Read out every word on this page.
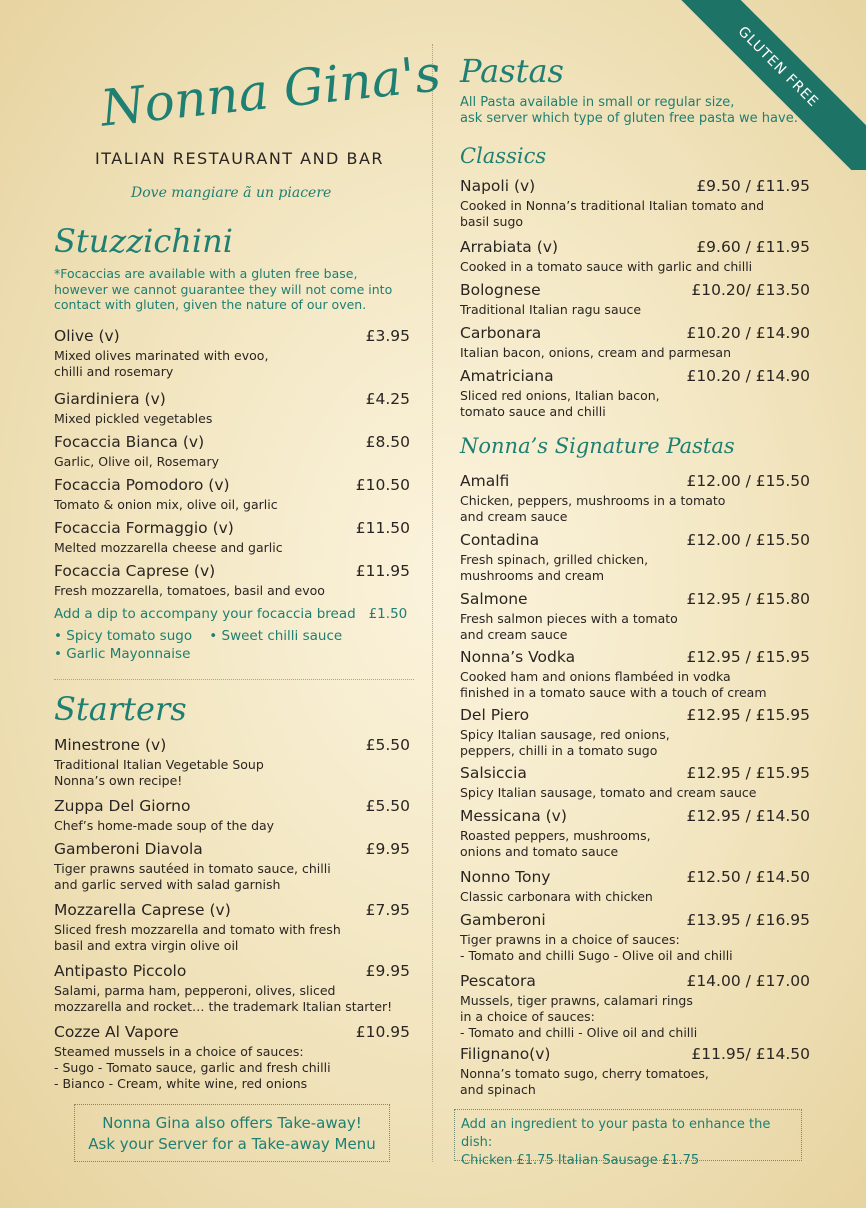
GLUTEN FREE
Nonna Gina's
ITALIAN RESTAURANT AND BAR
Dove mangiare ã un piacere
Stuzzichini
*Focaccias are available with a gluten free base, however we cannot guarantee they will not come into contact with gluten, given the nature of our oven.
Olive (v)	£3.95
Mixed olives marinated with evoo,
chilli and rosemary
Giardiniera (v)	£4.25
Mixed pickled vegetables
Focaccia Bianca (v)	£8.50
Garlic, Olive oil, Rosemary
Focaccia Pomodoro (v)	£10.50
Tomato & onion mix, olive oil, garlic
Focaccia Formaggio (v)	£11.50
Melted mozzarella cheese and garlic
Focaccia Caprese (v)	£11.95
Fresh mozzarella, tomatoes, basil and evoo
Add a dip to accompany your focaccia bread £1.50
• Spicy tomato sugo • Sweet chilli sauce
• Garlic Mayonnaise
Starters
Minestrone (v)	£5.50
Traditional Italian Vegetable Soup
Nonna’s own recipe!
Zuppa Del Giorno	£5.50
Chef’s home-made soup of the day
Gamberoni Diavola	£9.95
Tiger prawns sautéed in tomato sauce, chilli
and garlic served with salad garnish
Mozzarella Caprese (v)	£7.95
Sliced fresh mozzarella and tomato with fresh
basil and extra virgin olive oil
Antipasto Piccolo	£9.95
Salami, parma ham, pepperoni, olives, sliced
mozzarella and rocket… the trademark Italian starter!
Cozze Al Vapore	£10.95
Steamed mussels in a choice of sauces:
- Sugo - Tomato sauce, garlic and fresh chilli
- Bianco - Cream, white wine, red onions
Nonna Gina also offers Take-away!
Ask your Server for a Take-away Menu
Pastas
All Pasta available in small or regular size,
ask server which type of gluten free pasta we have.
Classics
Napoli (v)	£9.50 / £11.95
Cooked in Nonna’s traditional Italian tomato and
basil sugo
Arrabiata (v)	£9.60 / £11.95
Cooked in a tomato sauce with garlic and chilli
Bolognese	£10.20/ £13.50
Traditional Italian ragu sauce
Carbonara	£10.20 / £14.90
Italian bacon, onions, cream and parmesan
Amatriciana	£10.20 / £14.90
Sliced red onions, Italian bacon,
tomato sauce and chilli
Nonna’s Signature Pastas
Amalfi	£12.00 / £15.50
Chicken, peppers, mushrooms in a tomato
and cream sauce
Contadina	£12.00 / £15.50
Fresh spinach, grilled chicken,
mushrooms and cream
Salmone	£12.95 / £15.80
Fresh salmon pieces with a tomato
and cream sauce
Nonna’s Vodka	£12.95 / £15.95
Cooked ham and onions flambéed in vodka
finished in a tomato sauce with a touch of cream
Del Piero	£12.95 / £15.95
Spicy Italian sausage, red onions,
peppers, chilli in a tomato sugo
Salsiccia	£12.95 / £15.95
Spicy Italian sausage, tomato and cream sauce
Messicana (v)	£12.95 / £14.50
Roasted peppers, mushrooms,
onions and tomato sauce
Nonno Tony	£12.50 / £14.50
Classic carbonara with chicken
Gamberoni	£13.95 / £16.95
Tiger prawns in a choice of sauces:
- Tomato and chilli Sugo - Olive oil and chilli
Pescatora	£14.00 / £17.00
Mussels, tiger prawns, calamari rings
in a choice of sauces:
- Tomato and chilli - Olive oil and chilli
Filignano(v)	£11.95/ £14.50
Nonna’s tomato sugo, cherry tomatoes,
and spinach
Add an ingredient to your pasta to enhance the dish:
Chicken £1.75 Italian Sausage £1.75
